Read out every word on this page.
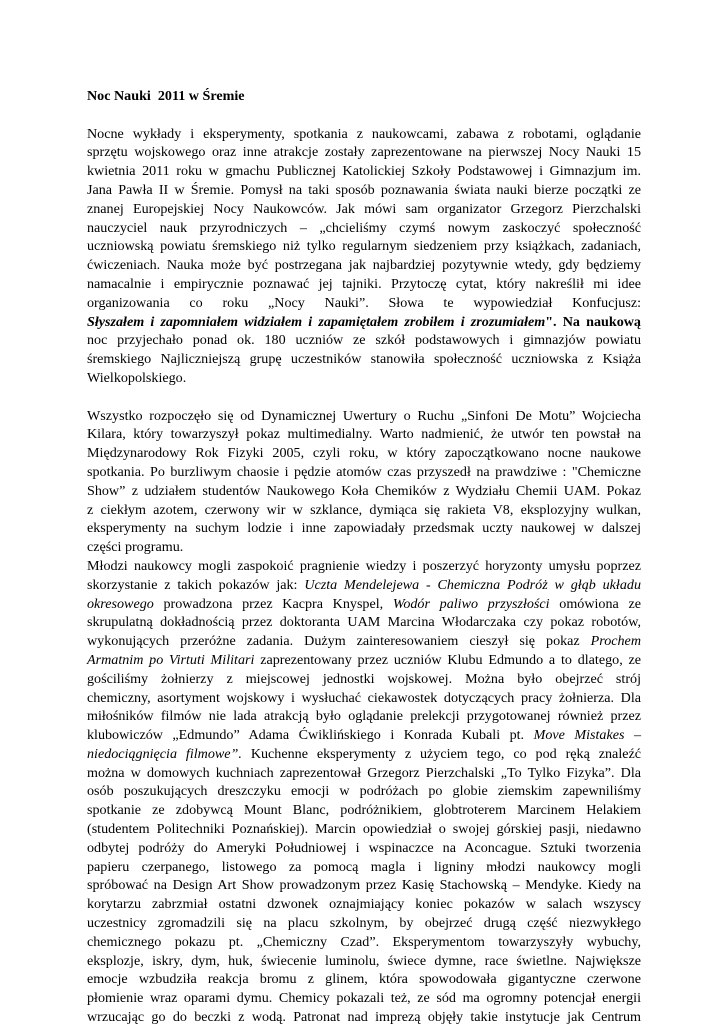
Noc Nauki  2011 w Śremie
Nocne wykłady i eksperymenty, spotkania z naukowcami, zabawa z robotami, oglądanie
sprzętu wojskowego oraz inne atrakcje zostały zaprezentowane na pierwszej Nocy Nauki 15
kwietnia 2011 roku w gmachu Publicznej Katolickiej Szkoły Podstawowej i Gimnazjum im.
Jana Pawła II w Śremie. Pomysł na taki sposób poznawania świata nauki bierze początki ze
znanej Europejskiej Nocy Naukowców. Jak mówi sam organizator Grzegorz Pierzchalski
nauczyciel nauk przyrodniczych – „chcieliśmy czymś nowym zaskoczyć społeczność
uczniowską powiatu śremskiego niż tylko regularnym siedzeniem przy książkach, zadaniach,
ćwiczeniach. Nauka może być postrzegana jak najbardziej pozytywnie wtedy, gdy będziemy
namacalnie i empirycznie poznawać jej tajniki. Przytoczę cytat, który nakreślił mi idee
organizowania co roku „Nocy Nauki”. Słowa te wypowiedział Konfucjusz:
Słyszałem i zapomniałem widziałem i zapamiętałem zrobiłem i zrozumiałem". Na naukową
noc przyjechało ponad ok. 180 uczniów ze szkół podstawowych i gimnazjów powiatu
śremskiego Najliczniejszą grupę uczestników stanowiła społeczność uczniowska z Książa
Wielkopolskiego.
Wszystko rozpoczęło się od Dynamicznej Uwertury o Ruchu „Sinfoni De Motu” Wojciecha
Kilara, który towarzyszył pokaz multimedialny. Warto nadmienić, że utwór ten powstał na
Międzynarodowy Rok Fizyki 2005, czyli roku, w który zapoczątkowano nocne naukowe
spotkania. Po burzliwym chaosie i pędzie atomów czas przyszedł na prawdziwe : "Chemiczne
Show” z udziałem studentów Naukowego Koła Chemików z Wydziału Chemii UAM. Pokaz
z ciekłym azotem, czerwony wir w szklance, dymiąca się rakieta V8, eksplozyjny wulkan,
eksperymenty na suchym lodzie i inne zapowiadały przedsmak uczty naukowej w dalszej
części programu.
Młodzi naukowcy mogli zaspokoić pragnienie wiedzy i poszerzyć horyzonty umysłu poprzez
skorzystanie z takich pokazów jak: Uczta Mendelejewa - Chemiczna Podróż w głąb układu
okresowego prowadzona przez Kacpra Knyspel, Wodór paliwo przyszłości omówiona ze
skrupulatną dokładnością przez doktoranta UAM Marcina Włodarczaka czy pokaz robotów,
wykonujących przeróżne zadania. Dużym zainteresowaniem cieszył się pokaz Prochem
Armatnim po Virtuti Militari zaprezentowany przez uczniów Klubu Edmundo a to dlatego, ze
gościliśmy żołnierzy z miejscowej jednostki wojskowej. Można było obejrzeć strój
chemiczny, asortyment wojskowy i wysłuchać ciekawostek dotyczących pracy żołnierza. Dla
miłośników filmów nie lada atrakcją było oglądanie prelekcji przygotowanej również przez
klubowiczów „Edmundo” Adama Ćwiklińskiego i Konrada Kubali pt. Move Mistakes –
niedociągnięcia filmowe”. Kuchenne eksperymenty z użyciem tego, co pod ręką znaleźć
można w domowych kuchniach zaprezentował Grzegorz Pierzchalski „To Tylko Fizyka”. Dla
osób poszukujących dreszczyku emocji w podróżach po globie ziemskim zapewniliśmy
spotkanie ze zdobywcą Mount Blanc, podróżnikiem, globtroterem Marcinem Helakiem
(studentem Politechniki Poznańskiej). Marcin opowiedział o swojej górskiej pasji, niedawno
odbytej podróży do Ameryki Południowej i wspinaczce na Aconcague. Sztuki tworzenia
papieru czerpanego, listowego za pomocą magla i ligniny młodzi naukowcy mogli
spróbować na Design Art Show prowadzonym przez Kasię Stachowską – Mendyke. Kiedy na
korytarzu zabrzmiał ostatni dzwonek oznajmiający koniec pokazów w salach wszyscy
uczestnicy zgromadzili się na placu szkolnym, by obejrzeć drugą część niezwykłego
chemicznego pokazu pt. „Chemiczny Czad”. Eksperymentom towarzyszyły wybuchy,
eksplozje, iskry, dym, huk, świecenie luminolu, świece dymne, race świetlne. Największe
emocje wzbudziła reakcja bromu z glinem, która spowodowała gigantyczne czerwone
płomienie wraz oparami dymu. Chemicy pokazali też, ze sód ma ogromny potencjał energii
wrzucając go do beczki z wodą. Patronat nad imprezą objęły takie instytucje jak Centrum
